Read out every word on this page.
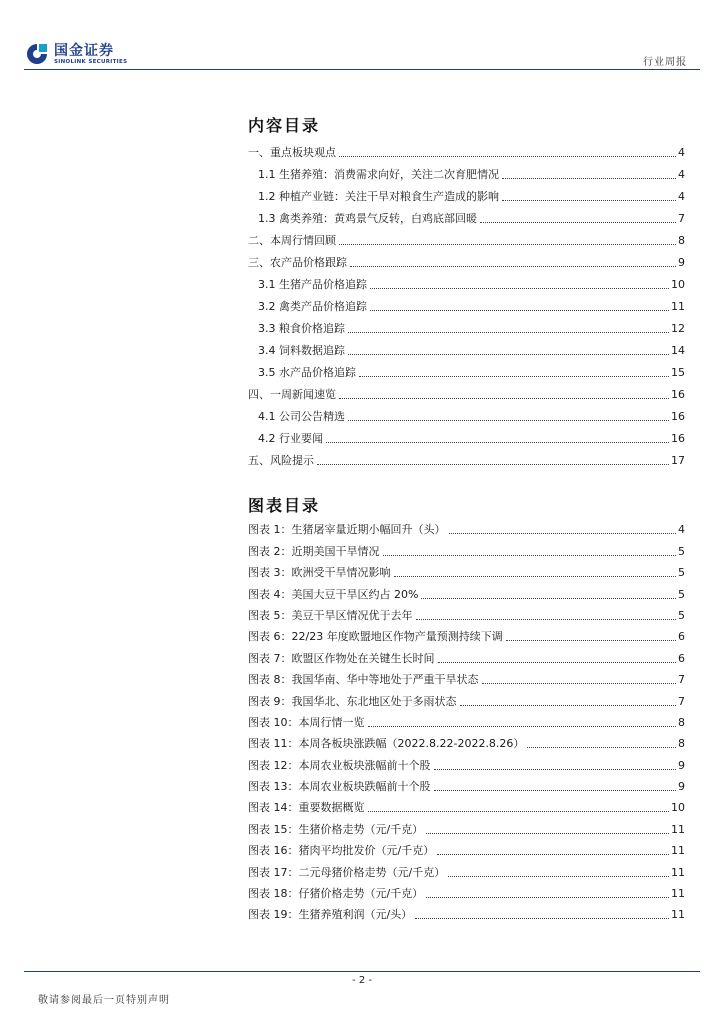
国金证券
SINOLINK SECURITIES	行业周报
内容目录
一、重点板块观点	4
1.1 生猪养殖：消费需求向好，关注二次育肥情况	4
1.2 种植产业链：关注干旱对粮食生产造成的影响	4
1.3 禽类养殖：黄鸡景气反转，白鸡底部回暖	7
二、本周行情回顾	8
三、农产品价格跟踪	9
3.1 生猪产品价格追踪	10
3.2 禽类产品价格追踪	11
3.3 粮食价格追踪	12
3.4 饲料数据追踪	14
3.5 水产品价格追踪	15
四、一周新闻速览	16
4.1 公司公告精选	16
4.2 行业要闻	16
五、风险提示	17
图表目录
图表 1：生猪屠宰量近期小幅回升（头）	4
图表 2：近期美国干旱情况	5
图表 3：欧洲受干旱情况影响	5
图表 4：美国大豆干旱区约占 20%	5
图表 5：美豆干旱区情况优于去年	5
图表 6：22/23 年度欧盟地区作物产量预测持续下调	6
图表 7：欧盟区作物处在关键生长时间	6
图表 8：我国华南、华中等地处于严重干旱状态	7
图表 9：我国华北、东北地区处于多雨状态	7
图表 10：本周行情一览	8
图表 11：本周各板块涨跌幅（2022.8.22-2022.8.26）	8
图表 12：本周农业板块涨幅前十个股	9
图表 13：本周农业板块跌幅前十个股	9
图表 14：重要数据概览	10
图表 15：生猪价格走势（元/千克）	11
图表 16：猪肉平均批发价（元/千克）	11
图表 17：二元母猪价格走势（元/千克）	11
图表 18：仔猪价格走势（元/千克）	11
图表 19：生猪养殖利润（元/头）	11
- 2 -
敬请参阅最后一页特别声明
